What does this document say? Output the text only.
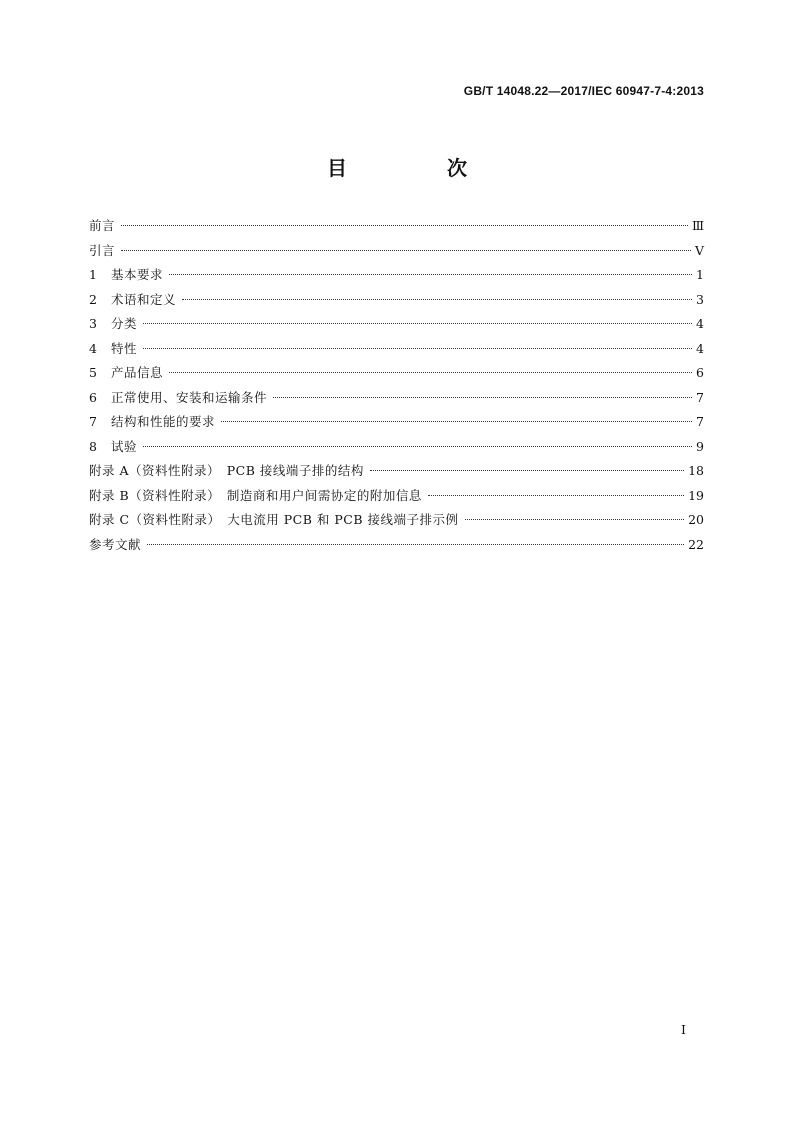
GB/T 14048.22—2017/IEC 60947-7-4:2013
目　次
前言	Ⅲ
引言	Ⅴ
1	基本要求	1
2	术语和定义	3
3	分类	4
4	特性	4
5	产品信息	6
6	正常使用、安装和运输条件	7
7	结构和性能的要求	7
8	试验	9
附录 A（资料性附录）　PCB 接线端子排的结构	18
附录 B（资料性附录）　制造商和用户间需协定的附加信息	19
附录 C（资料性附录）　大电流用 PCB 和 PCB 接线端子排示例	20
参考文献	22
I
